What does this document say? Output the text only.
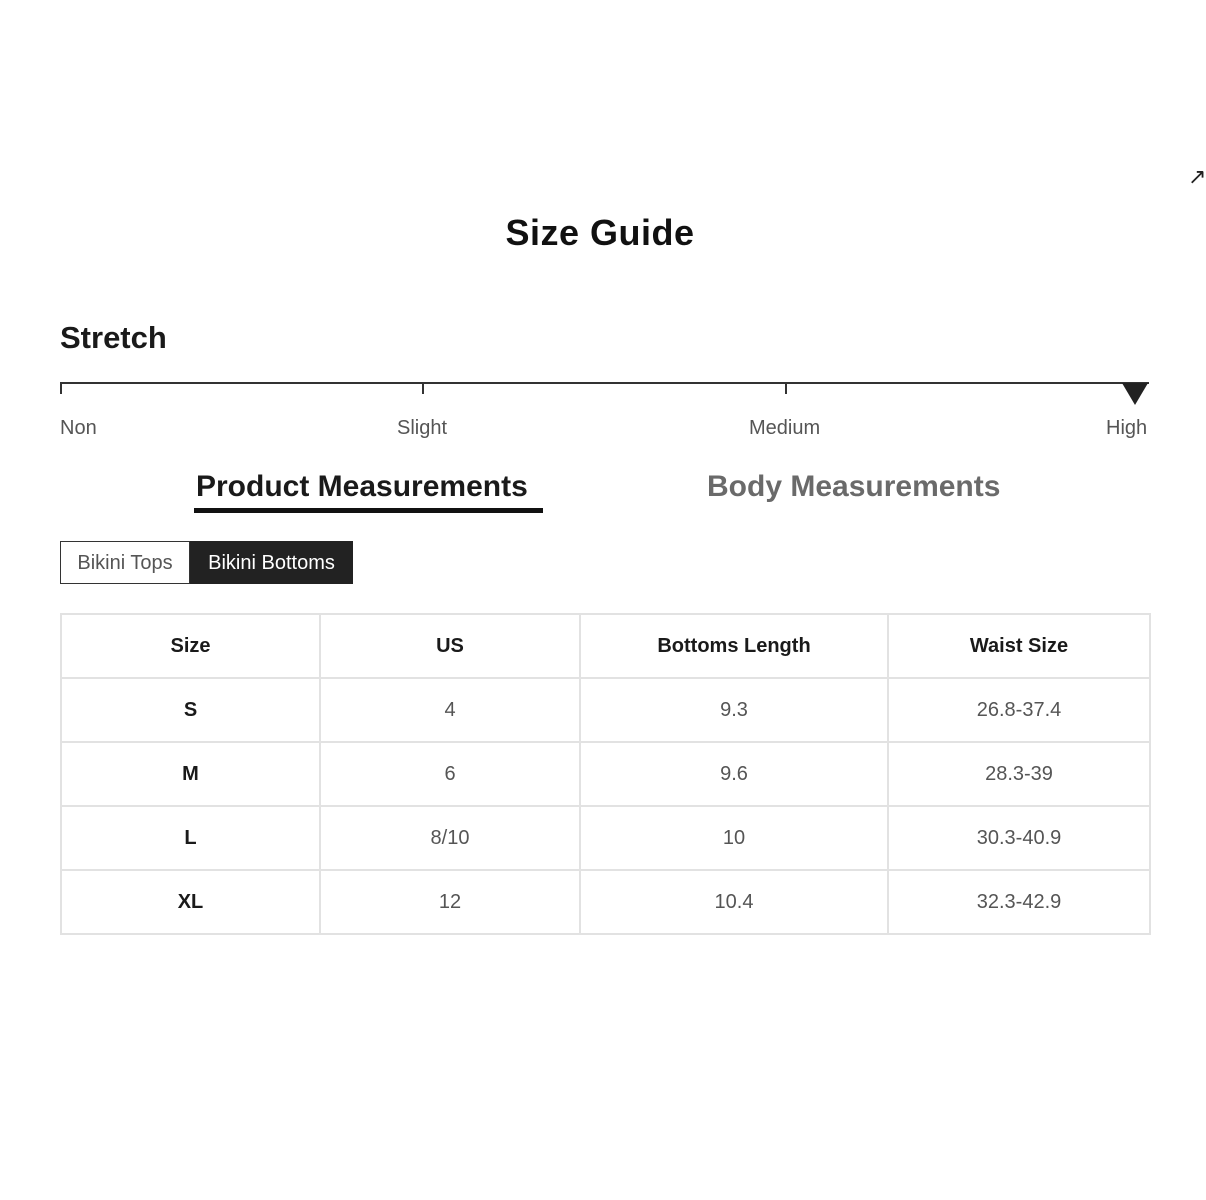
↗
Size Guide
Stretch
Non	Slight	Medium	High
Product Measurements	Body Measurements
Bikini Tops	Bikini Bottoms
Size	US	Bottoms Length	Waist Size
S	4	9.3	26.8-37.4
M	6	9.6	28.3-39
L	8/10	10	30.3-40.9
XL	12	10.4	32.3-42.9
